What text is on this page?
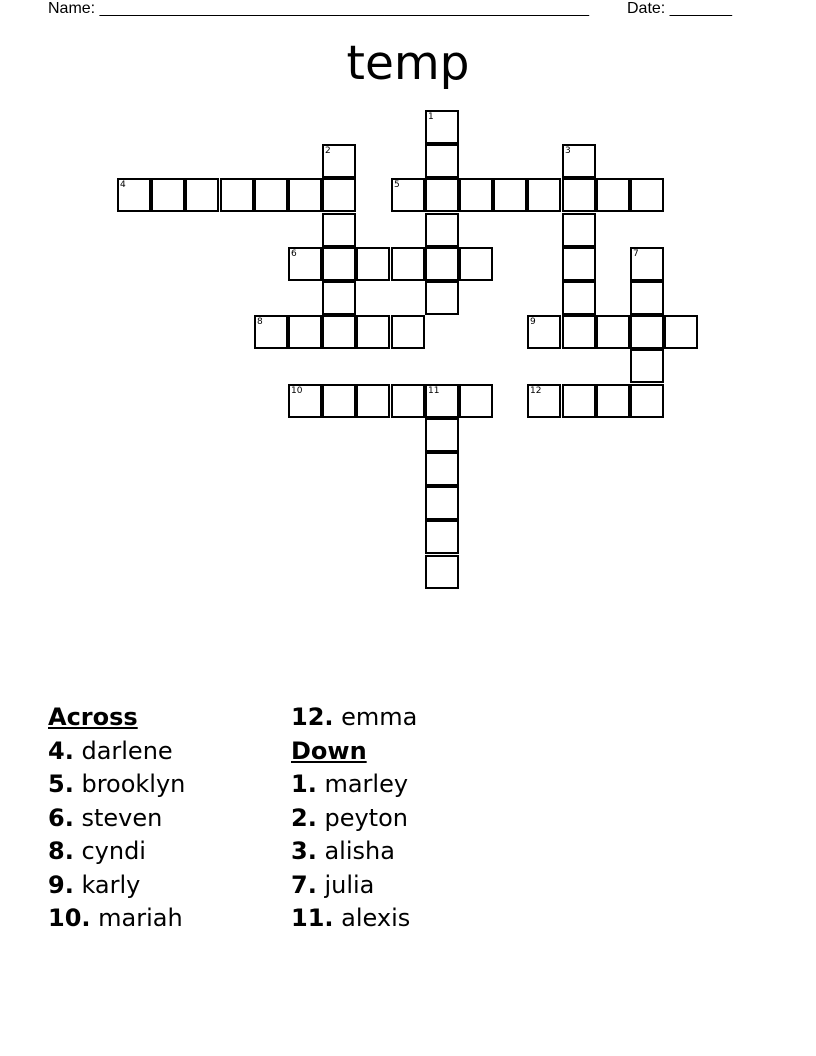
Name: _______________________________________________________ Date: _______
temp
1
2	3
4	5
6	7
8	9
10	11	12
Across
4. darlene
5. brooklyn
6. steven
8. cyndi
9. karly
10. mariah
12. emma
Down
1. marley
2. peyton
3. alisha
7. julia
11. alexis
